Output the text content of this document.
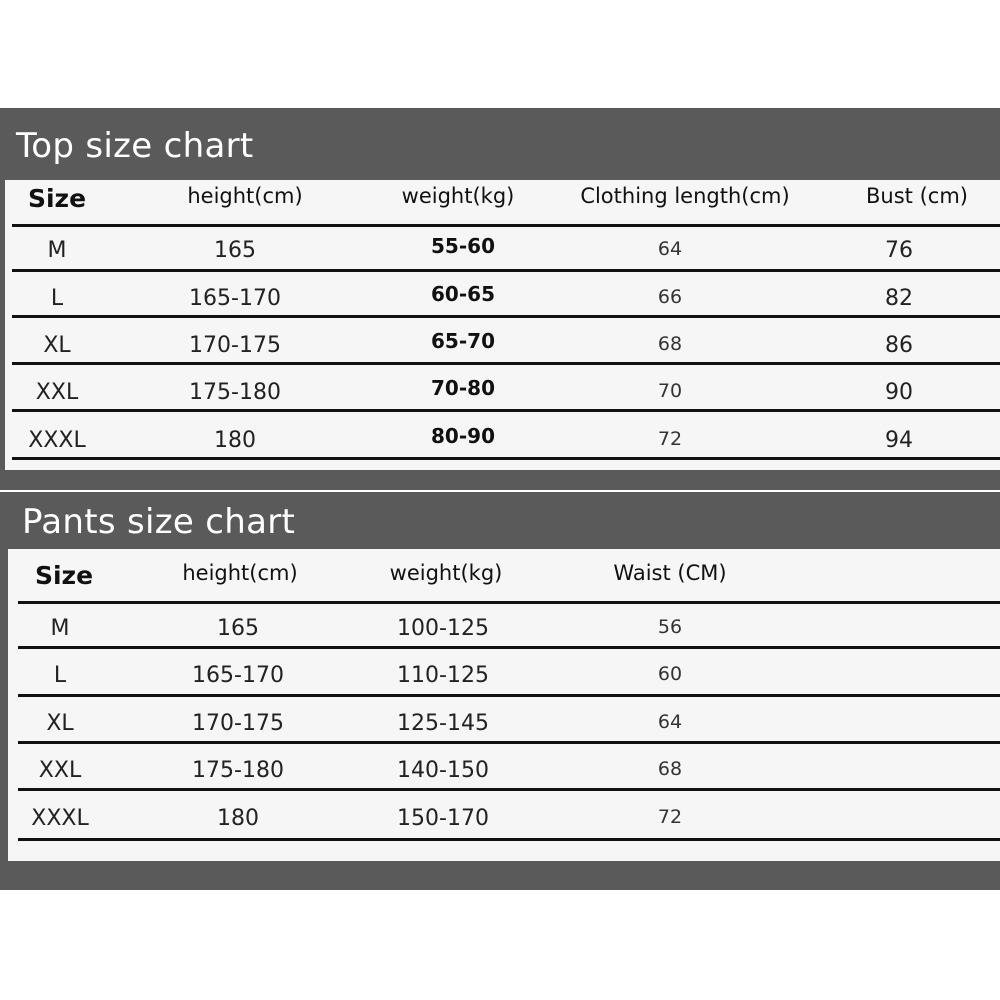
Top size chart
Pants size chart
Size	height(cm)	weight(kg)	Clothing length(cm)	Bust (cm)
M	165	55-60	64	76
L	165-170	60-65	66	82
XL	170-175	65-70	68	86
XXL	175-180	70-80	70	90
XXXL	180	80-90	72	94
Size	height(cm)	weight(kg)	Waist (CM)
M	165	100-125	56
L	165-170	110-125	60
XL	170-175	125-145	64
XXL	175-180	140-150	68
XXXL	180	150-170	72
